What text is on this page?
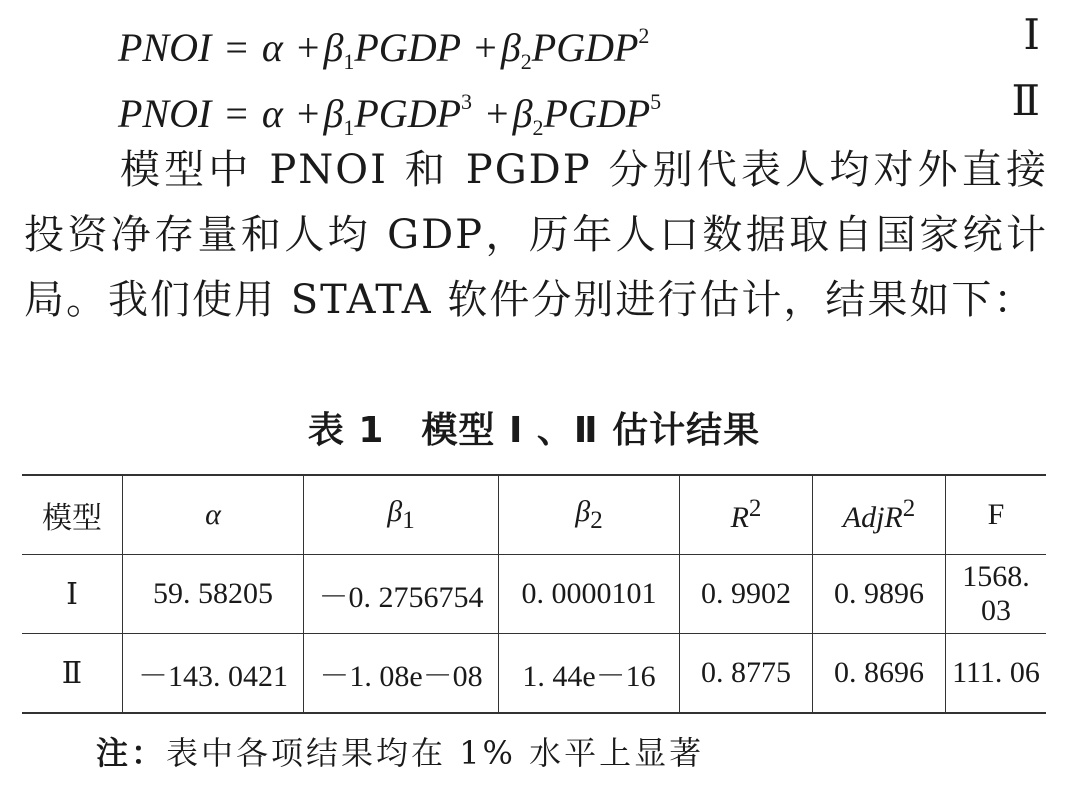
PNOI = $\alpha + \beta_1PGDP$ + $\beta_2PGDP^2$	Ⅰ
PNOI = $\alpha + \beta_1PGDP^3$ + $\beta_2PGDP^5$	Ⅱ

模型中 PNOI 和 PGDP 分别代表人均对外直接投资净存量和人均 GDP，历年人口数据取自国家统计局。我们使用 STATA 软件分别进行估计，结果如下：

表 1　模型 Ⅰ 、Ⅱ 估计结果
模型	α	$\beta_1$	$\beta_2$	$R^2$	AdjR$^2$	F
Ⅰ	59. 58205	－0. 2756754	0. 0000101	0. 9902	0. 9896	1568. 03
Ⅱ	－143. 0421	－1. 08e－08	1. 44e－16	0. 8775	0. 8696	111. 06
注：表中各项结果均在 1% 水平上显著
